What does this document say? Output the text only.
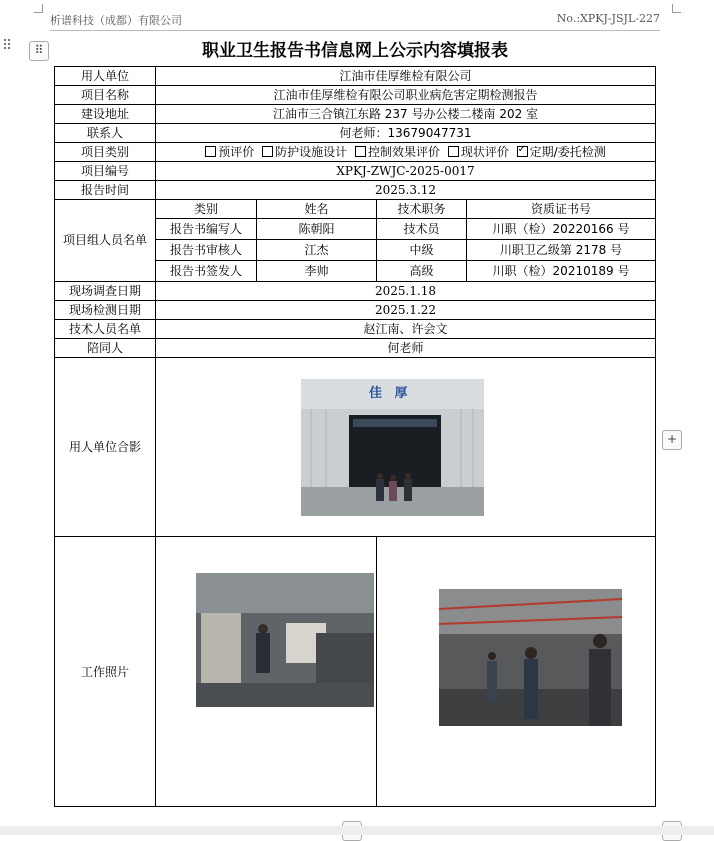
析谱科技（成都）有限公司	No.:XPKJ-JSJL-227
⠿	⠿	职业卫生报告书信息网上公示内容填报表
用人单位	江油市佳厚维检有限公司			
项目名称	江油市佳厚维检有限公司职业病危害定期检测报告			
建设地址	江油市三合镇江东路 237 号办公楼二楼南 202 室			
联系人	何老师：13679047731			
项目类别	预评价 防护设施设计 控制效果评价 现状评价 ✓ 定期/委托检测
项目编号	XPKJ-ZWJC-2025-0017			
报告时间	2025.3.12			
项目组人员名单	类别	姓名	技术职务	资质证书号
	报告书编写人	陈朝阳	技术员	川职（检）20220166 号
	报告书审核人	江杰	中级	川职卫乙级第 2178 号
	报告书签发人	李帅	高级	川职（检）20210189 号
现场调查日期	2025.1.18			
现场检测日期	2025.1.22			
技术人员名单	赵江南、许会文			
陪同人	何老师			
用人单位合影				
工作照片				
佳 厚
+
